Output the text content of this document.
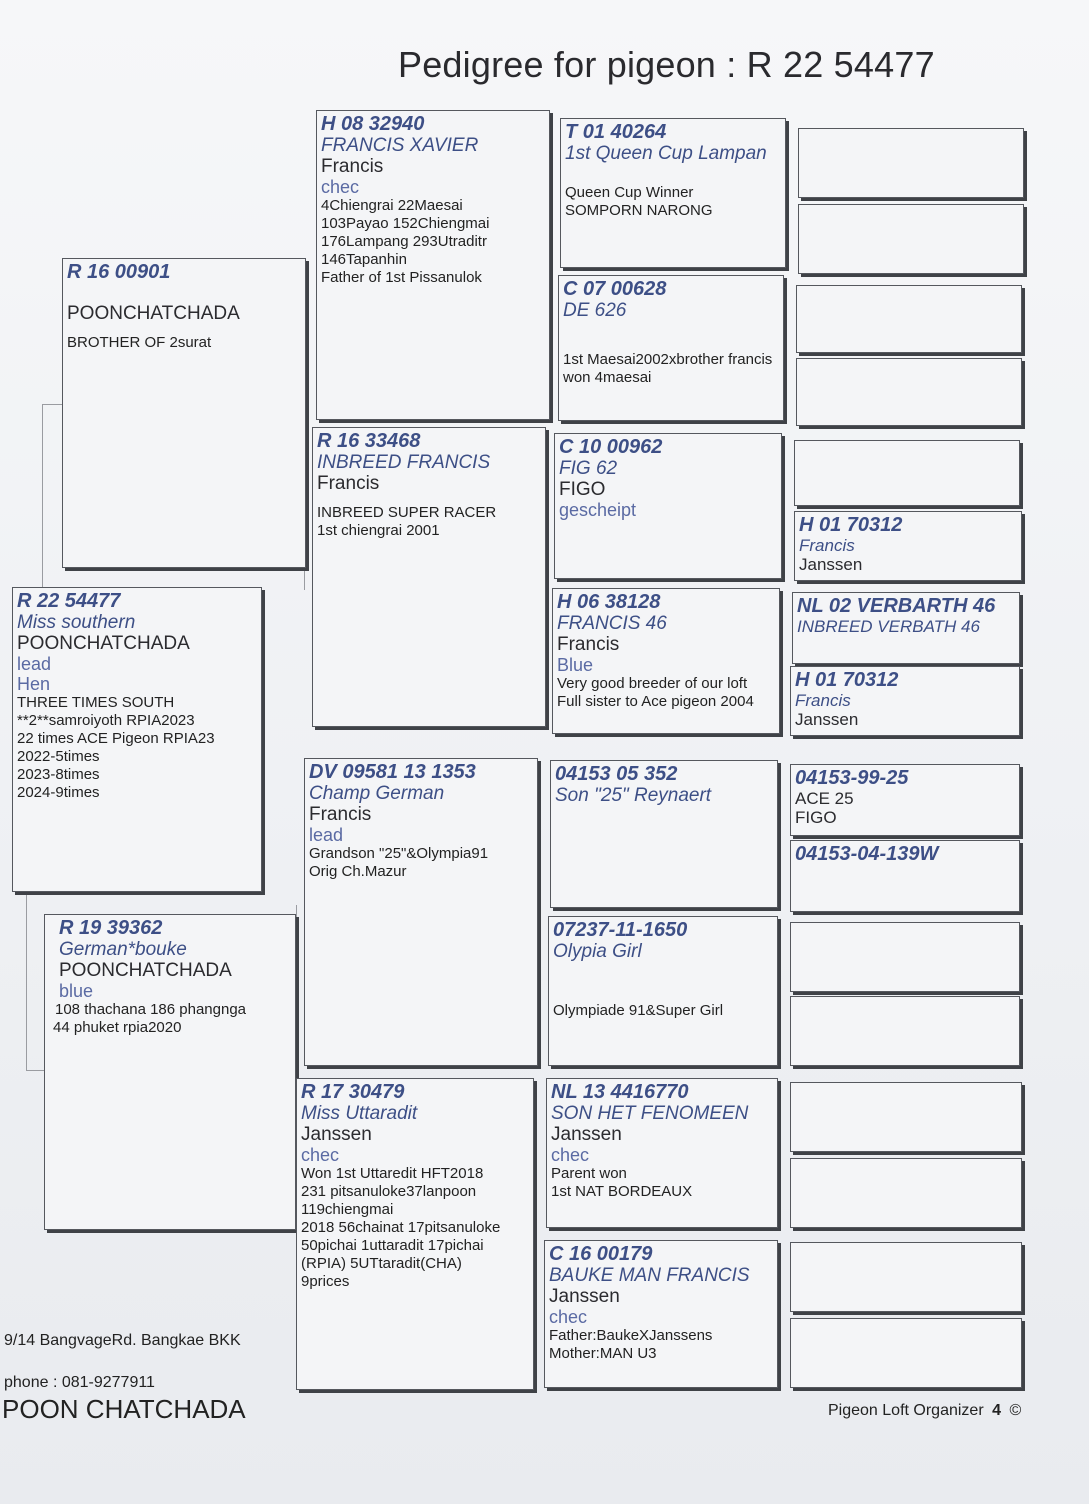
Pedigree for pigeon : R 22 54477
R 22 54477
Miss southern
POONCHATCHADA
lead
Hen
THREE TIMES SOUTH
**2**samroiyoth RPIA2023
22 times ACE Pigeon RPIA23
2022-5times
2023-8times
2024-9times
R 16 00901
POONCHATCHADA
BROTHER OF 2surat
R 19 39362
German*bouke
POONCHATCHADA
blue
108 thachana 186 phangnga
44 phuket rpia2020
H 08 32940
FRANCIS XAVIER
Francis
chec
4Chiengrai 22Maesai
103Payao 152Chiengmai
176Lampang 293Utraditr
146Tapanhin
Father of 1st Pissanulok
R 16 33468
INBREED FRANCIS
Francis
INBREED SUPER RACER
1st chiengrai 2001
DV 09581 13 1353
Champ German
Francis
lead
Grandson "25"&Olympia91
Orig Ch.Mazur
R 17 30479
Miss Uttaradit
Janssen
chec
Won 1st Uttaredit HFT2018
231 pitsanuloke37lanpoon
119chiengmai
2018 56chainat 17pitsanuloke
50pichai 1uttaradit 17pichai
(RPIA) 5UTtaradit(CHA)
9prices
T 01 40264
1st Queen Cup Lampan
Queen Cup Winner
SOMPORN NARONG
C 07 00628
DE 626
1st Maesai2002xbrother francis
won 4maesai
C 10 00962
FIG 62
FIGO
gescheipt
H 06 38128
FRANCIS 46
Francis
Blue
Very good breeder of our loft
Full sister to Ace pigeon 2004
04153 05 352
Son "25" Reynaert
07237-11-1650
Olypia Girl
Olympiade 91&Super Girl
NL 13 4416770
SON HET FENOMEEN
Janssen
chec
Parent won
1st NAT BORDEAUX
C 16 00179
BAUKE MAN FRANCIS
Janssen
chec
Father:BaukeXJanssens
Mother:MAN U3
H 01 70312
Francis
Janssen
NL 02 VERBARTH 46
INBREED VERBATH 46
H 01 70312
Francis
Janssen
04153-99-25
ACE 25
FIGO
04153-04-139W
9/14 BangvageRd. Bangkae BKK
phone : 081-9277911
POON CHATCHADA	Pigeon Loft Organizer 4 ©
